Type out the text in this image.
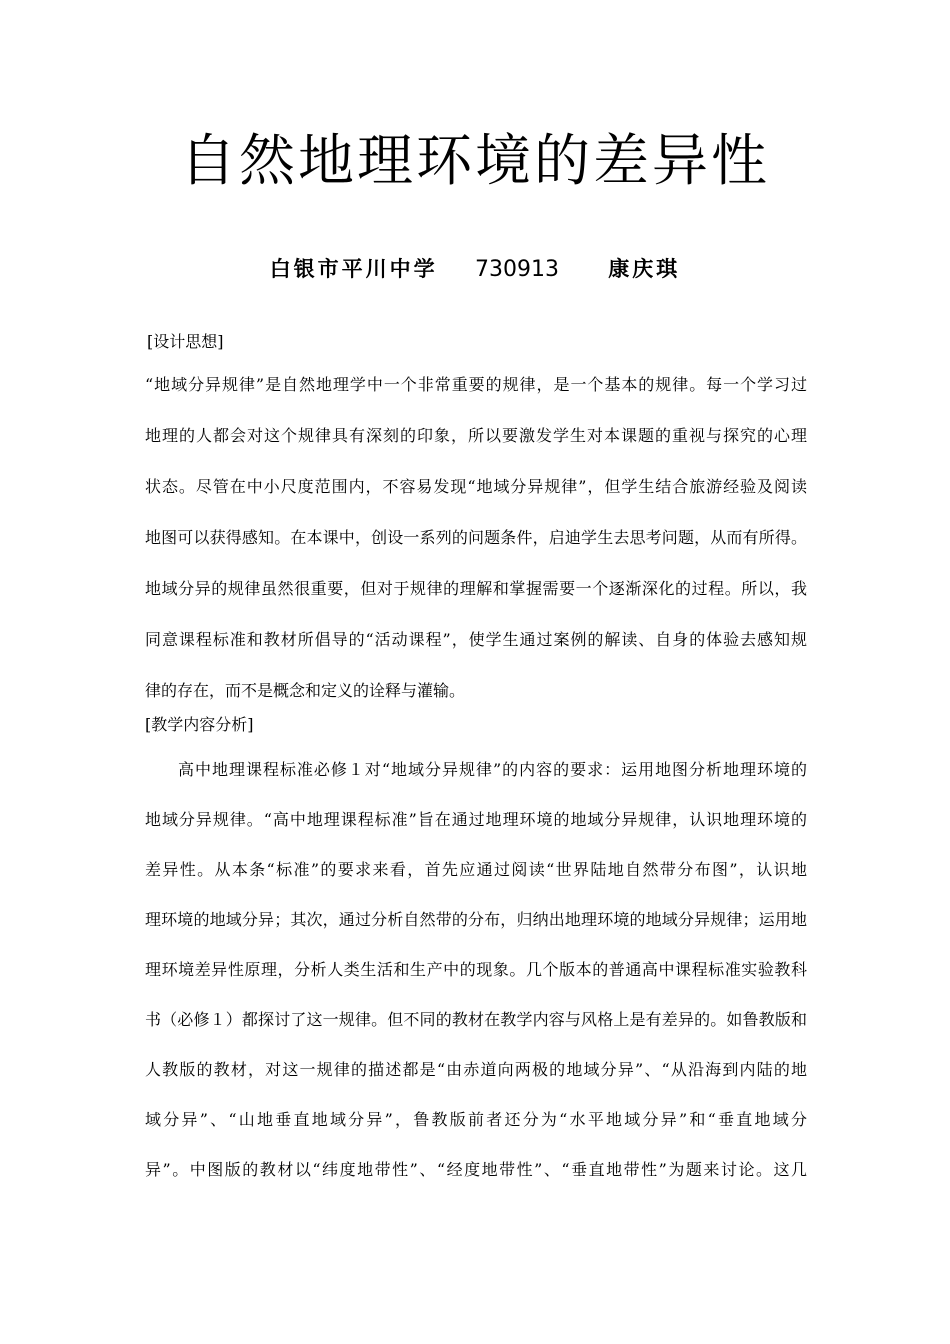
自然地理环境的差异性
白银市平川中学 730913 康庆琪
[设计思想]
“地域分异规律”是自然地理学中一个非常重要的规律，是一个基本的规律。每一个学习过
地理的人都会对这个规律具有深刻的印象，所以要激发学生对本课题的重视与探究的心理
状态。尽管在中小尺度范围内，不容易发现“地域分异规律”，但学生结合旅游经验及阅读
地图可以获得感知。在本课中，创设一系列的问题条件，启迪学生去思考问题，从而有所得。
地域分异的规律虽然很重要，但对于规律的理解和掌握需要一个逐渐深化的过程。所以，我
同意课程标准和教材所倡导的“活动课程”，使学生通过案例的解读、自身的体验去感知规
律的存在，而不是概念和定义的诠释与灌输。
[教学内容分析]
高中地理课程标准必修１对“地域分异规律”的内容的要求：运用地图分析地理环境的
地域分异规律。“高中地理课程标准”旨在通过地理环境的地域分异规律，认识地理环境的
差异性。从本条“标准”的要求来看，首先应通过阅读“世界陆地自然带分布图”，认识地
理环境的地域分异；其次，通过分析自然带的分布，归纳出地理环境的地域分异规律；运用地
理环境差异性原理，分析人类生活和生产中的现象。几个版本的普通高中课程标准实验教科
书（必修１）都探讨了这一规律。但不同的教材在教学内容与风格上是有差异的。如鲁教版和
人教版的教材，对这一规律的描述都是“由赤道向两极的地域分异”、“从沿海到内陆的地
域分异”、“山地垂直地域分异”，鲁教版前者还分为“水平地域分异”和“垂直地域分
异”。中图版的教材以“纬度地带性”、“经度地带性”、“垂直地带性”为题来讨论。这几
